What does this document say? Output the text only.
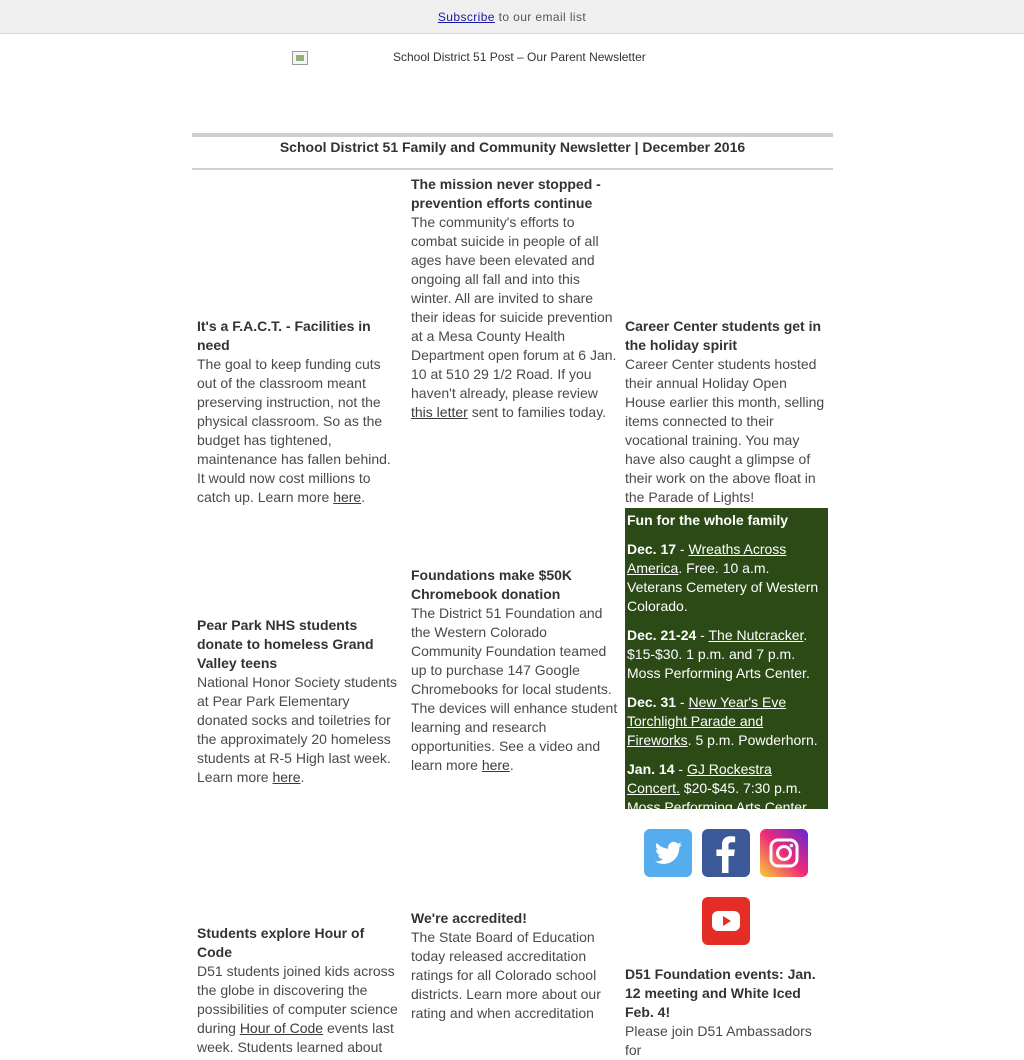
Subscribe to our email list
School District 51 Post – Our Parent Newsletter
School District 51 Family and Community Newsletter | December 2016
The mission never stopped - prevention efforts continue

The community's efforts to combat suicide in people of all ages have been elevated and ongoing all fall and into this winter. All are invited to share their ideas for suicide prevention at a Mesa County Health Department open forum at 6 Jan. 10 at 510 29 1/2 Road. If you haven't already, please review this letter sent to families today.

It's a F.A.C.T. - Facilities in need

The goal to keep funding cuts out of the classroom meant preserving instruction, not the physical classroom. So as the budget has tightened, maintenance has fallen behind. It would now cost millions to catch up. Learn more here.

Career Center students get in the holiday spirit

Career Center students hosted their annual Holiday Open House earlier this month, selling items connected to their vocational training. You may have also caught a glimpse of their work on the above float in the Parade of Lights!

Foundations make $50K Chromebook donation

The District 51 Foundation and the Western Colorado Community Foundation teamed up to purchase 147 Google Chromebooks for local students. The devices will enhance student learning and research opportunities. See a video and learn more here.

Pear Park NHS students donate to homeless Grand Valley teens

National Honor Society students at Pear Park Elementary donated socks and toiletries for the approximately 20 homeless students at R-5 High last week. Learn more here.

Fun for the whole family

Dec. 17 - Wreaths Across America. Free. 10 a.m. Veterans Cemetery of Western Colorado.

Dec. 21-24 - The Nutcracker. $15-$30. 1 p.m. and 7 p.m. Moss Performing Arts Center.

Dec. 31 - New Year's Eve Torchlight Parade and Fireworks. 5 p.m. Powderhorn.

Jan. 14 - GJ Rockestra Concert. $20-$45. 7:30 p.m. Moss Performing Arts Center.

We're accredited!

The State Board of Education today released accreditation ratings for all Colorado school districts. Learn more about our rating and when accreditation

Students explore Hour of Code

D51 students joined kids across the globe in discovering the possibilities of computer science during Hour of Code events last week. Students learned about

D51 Foundation events: Jan. 12 meeting and White Iced Feb. 4!

Please join D51 Ambassadors for
